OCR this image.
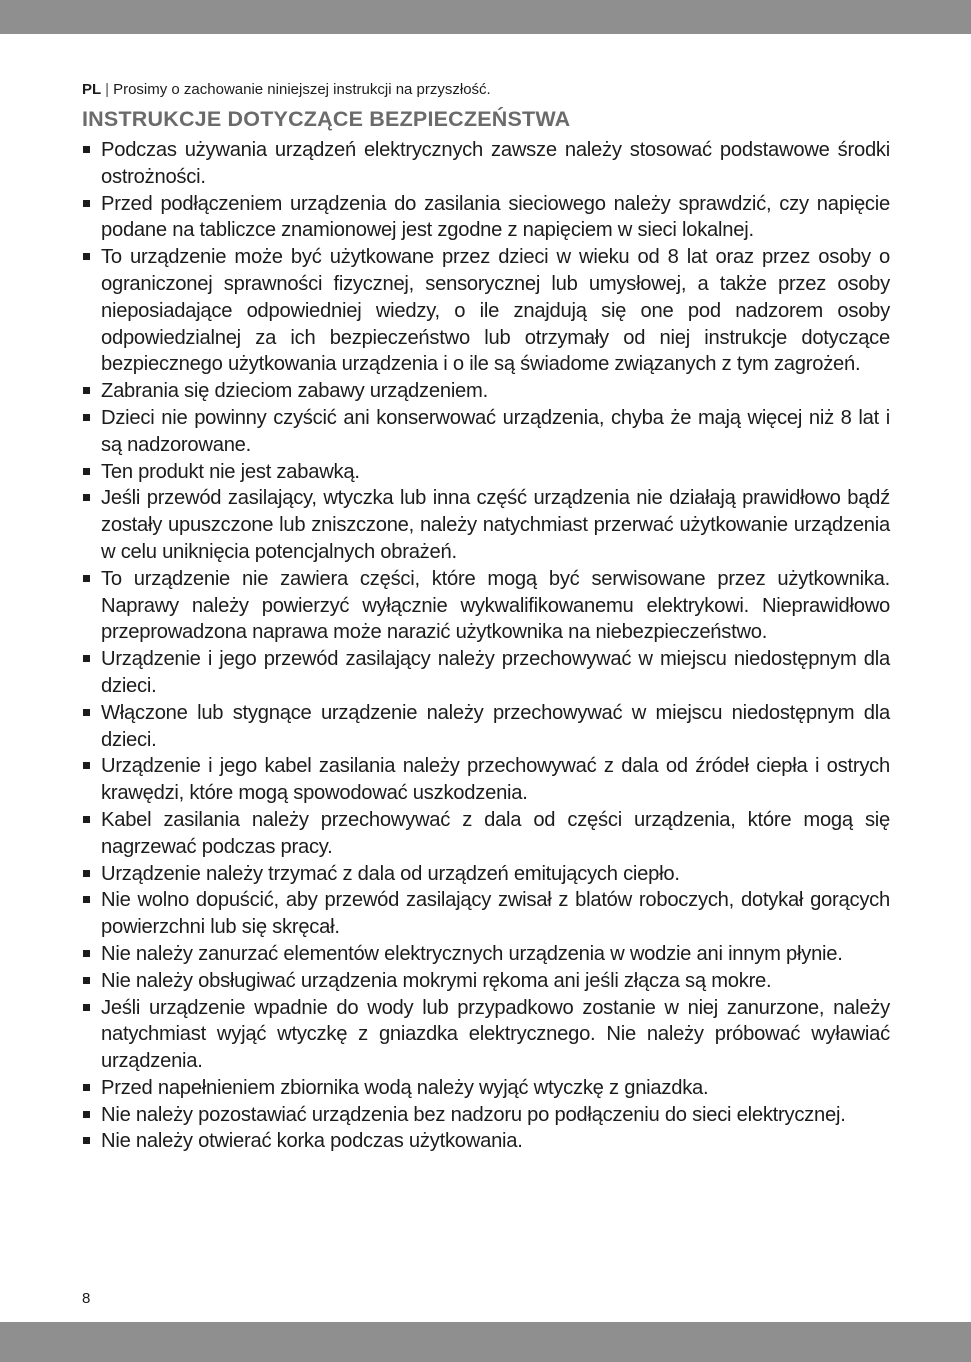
PL | Prosimy o zachowanie niniejszej instrukcji na przyszłość.

INSTRUKCJE DOTYCZĄCE BEZPIECZEŃSTWA
Podczas używania urządzeń elektrycznych zawsze należy stosować podstawowe środki ostrożności.
Przed podłączeniem urządzenia do zasilania sieciowego należy sprawdzić, czy napięcie podane na tabliczce znamionowej jest zgodne z napięciem w sieci lokalnej.
To urządzenie może być użytkowane przez dzieci w wieku od 8 lat oraz przez osoby o ograniczonej sprawności fizycznej, sensorycznej lub umysłowej, a także przez osoby nieposiadające odpowiedniej wiedzy, o ile znajdują się one pod nadzorem osoby odpowiedzialnej za ich bezpieczeństwo lub otrzymały od niej instrukcje dotyczące bezpiecznego użytkowania urządzenia i o ile są świadome związanych z tym zagrożeń.
Zabrania się dzieciom zabawy urządzeniem.
Dzieci nie powinny czyścić ani konserwować urządzenia, chyba że mają więcej niż 8 lat i są nadzorowane.
Ten produkt nie jest zabawką.
Jeśli przewód zasilający, wtyczka lub inna część urządzenia nie działają prawidłowo bądź zostały upuszczone lub zniszczone, należy natychmiast przerwać użytkowanie urządzenia w celu uniknięcia potencjalnych obrażeń.
To urządzenie nie zawiera części, które mogą być serwisowane przez użytkownika. Naprawy należy powierzyć wyłącznie wykwalifikowanemu elektrykowi. Nieprawidłowo przeprowadzona naprawa może narazić użytkownika na niebezpieczeństwo.
Urządzenie i jego przewód zasilający należy przechowywać w miejscu niedostępnym dla dzieci.
Włączone lub stygnące urządzenie należy przechowywać w miejscu niedostępnym dla dzieci.
Urządzenie i jego kabel zasilania należy przechowywać z dala od źródeł ciepła i ostrych krawędzi, które mogą spowodować uszkodzenia.
Kabel zasilania należy przechowywać z dala od części urządzenia, które mogą się nagrzewać podczas pracy.
Urządzenie należy trzymać z dala od urządzeń emitujących ciepło.
Nie wolno dopuścić, aby przewód zasilający zwisał z blatów roboczych, dotykał gorących powierzchni lub się skręcał.
Nie należy zanurzać elementów elektrycznych urządzenia w wodzie ani innym płynie.
Nie należy obsługiwać urządzenia mokrymi rękoma ani jeśli złącza są mokre.
Jeśli urządzenie wpadnie do wody lub przypadkowo zostanie w niej zanurzone, należy natychmiast wyjąć wtyczkę z gniazdka elektrycznego. Nie należy próbować wyławiać urządzenia.
Przed napełnieniem zbiornika wodą należy wyjąć wtyczkę z gniazdka.
Nie należy pozostawiać urządzenia bez nadzoru po podłączeniu do sieci elektrycznej.
Nie należy otwierać korka podczas użytkowania.
8
